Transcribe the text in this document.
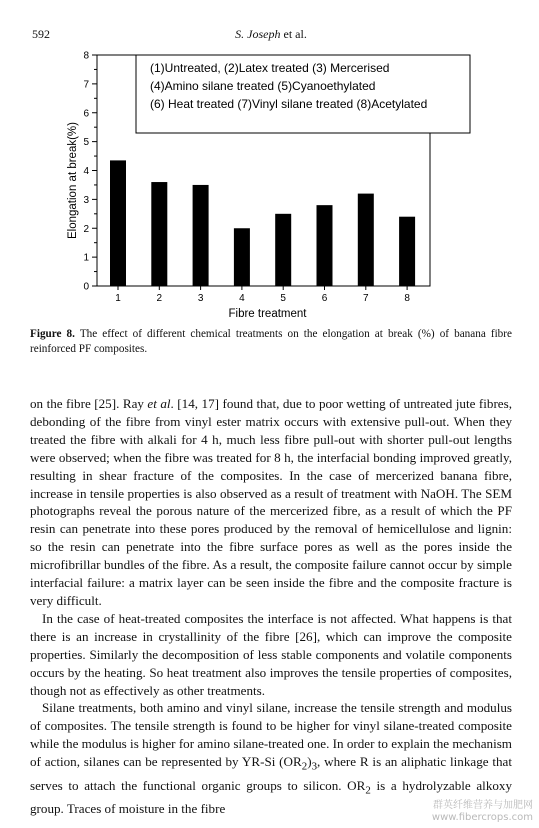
592	S. Joseph et al.
0
1
2
3
4
5
6
7
8
1	2	3	4	5	6	7	8
Fibre treatment
Elongation at break(%)
(1)Untreated, (2)Latex treated (3) Mercerised
(4)Amino silane treated (5)Cyanoethylated
(6) Heat treated (7)Vinyl silane treated (8)Acetylated
Figure 8. The effect of different chemical treatments on the elongation at break (%) of banana fibre reinforced PF composites.

on the fibre [25]. Ray et al. [14, 17] found that, due to poor wetting of untreated jute fibres, debonding of the fibre from vinyl ester matrix occurs with extensive pull-out. When they treated the fibre with alkali for 4 h, much less fibre pull-out with shorter pull-out lengths were observed; when the fibre was treated for 8 h, the interfacial bonding improved greatly, resulting in shear fracture of the composites. In the case of mercerized banana fibre, increase in tensile properties is also observed as a result of treatment with NaOH. The SEM photographs reveal the porous nature of the mercerized fibre, as a result of which the PF resin can penetrate into these pores produced by the removal of hemicellulose and lignin: so the resin can penetrate into the fibre surface pores as well as the pores inside the microfibrillar bundles of the fibre. As a result, the composite failure cannot occur by simple interfacial failure: a matrix layer can be seen inside the fibre and the composite fracture is very difficult.

In the case of heat-treated composites the interface is not affected. What happens is that there is an increase in crystallinity of the fibre [26], which can improve the composite properties. Similarly the decomposition of less stable components and volatile components occurs by the heating. So heat treatment also improves the tensile properties of composites, though not as effectively as other treatments.

Silane treatments, both amino and vinyl silane, increase the tensile strength and modulus of composites. The tensile strength is found to be higher for vinyl silane-treated composite while the modulus is higher for amino silane-treated one. In order to explain the mechanism of action, silanes can be represented by YR-Si $(OR_2)_3$, where R is an aliphatic linkage that serves to attach the functional organic groups to silicon. $OR_2$ is a hydrolyzable alkoxy group. Traces of moisture in the fibre	群英纤维营养与加肥网
www.fibercrops.com
